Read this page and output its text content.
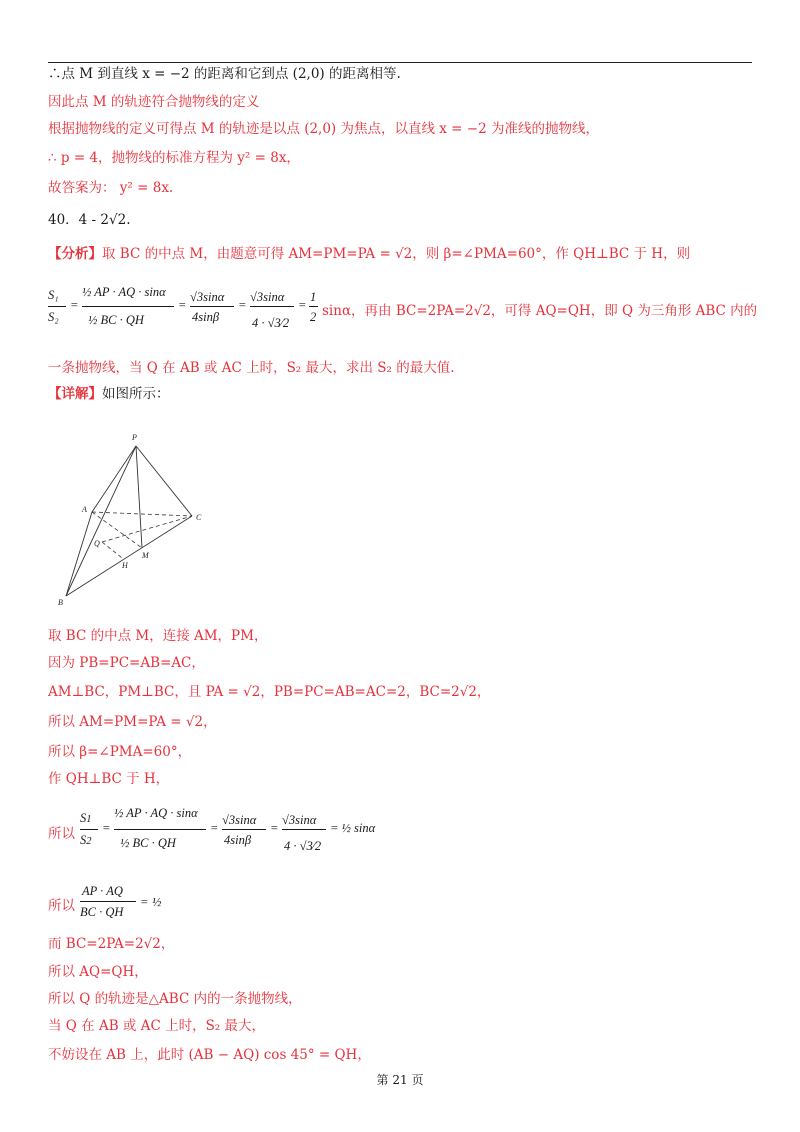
∴点 M 到直线 x = −2 的距离和它到点 (2,0) 的距离相等.
因此点 M 的轨迹符合抛物线的定义
根据抛物线的定义可得点 M 的轨迹是以点 (2,0) 为焦点，以直线 x = −2 为准线的抛物线，
∴ p = 4，抛物线的标准方程为 y² = 8x，
故答案为： y² = 8x.
40．4 - 2√2.
【分析】取 BC 的中点 M，由题意可得 AM=PM=PA = √2，则 β=∠PMA=60°，作 QH⊥BC 于 H，则
S₁
S₂
=
½ AP · AQ · sinα
½ BC · QH
=
√3sinα
4sinβ
=
√3sinα
4 · √3⁄2
=
1
2 sinα，再由 BC=2PA=2√2，可得 AQ=QH，即 Q 为三角形 ABC 内的
一条抛物线，当 Q 在 AB 或 AC 上时，S₂ 最大，求出 S₂ 的最大值.
【详解】如图所示：
P
A
C
Q
M
H
B
取 BC 的中点 M，连接 AM，PM，
因为 PB=PC=AB=AC，
AM⊥BC，PM⊥BC，且 PA = √2，PB=PC=AB=AC=2，BC=2√2，
所以 AM=PM=PA = √2，
所以 β=∠PMA=60°，
作 QH⊥BC 于 H，
所以
S1
S2
=
½ AP · AQ · sinα
½ BC · QH
=
√3sinα
4sinβ
=
√3sinα
4 · √3⁄2
= ½ sinα
所以
AP · AQ
BC · QH
= ½
而 BC=2PA=2√2，
所以 AQ=QH，
所以 Q 的轨迹是△ABC 内的一条抛物线，
当 Q 在 AB 或 AC 上时，S₂ 最大，
不妨设在 AB 上，此时 (AB − AQ) cos 45° = QH，
第 21 页
